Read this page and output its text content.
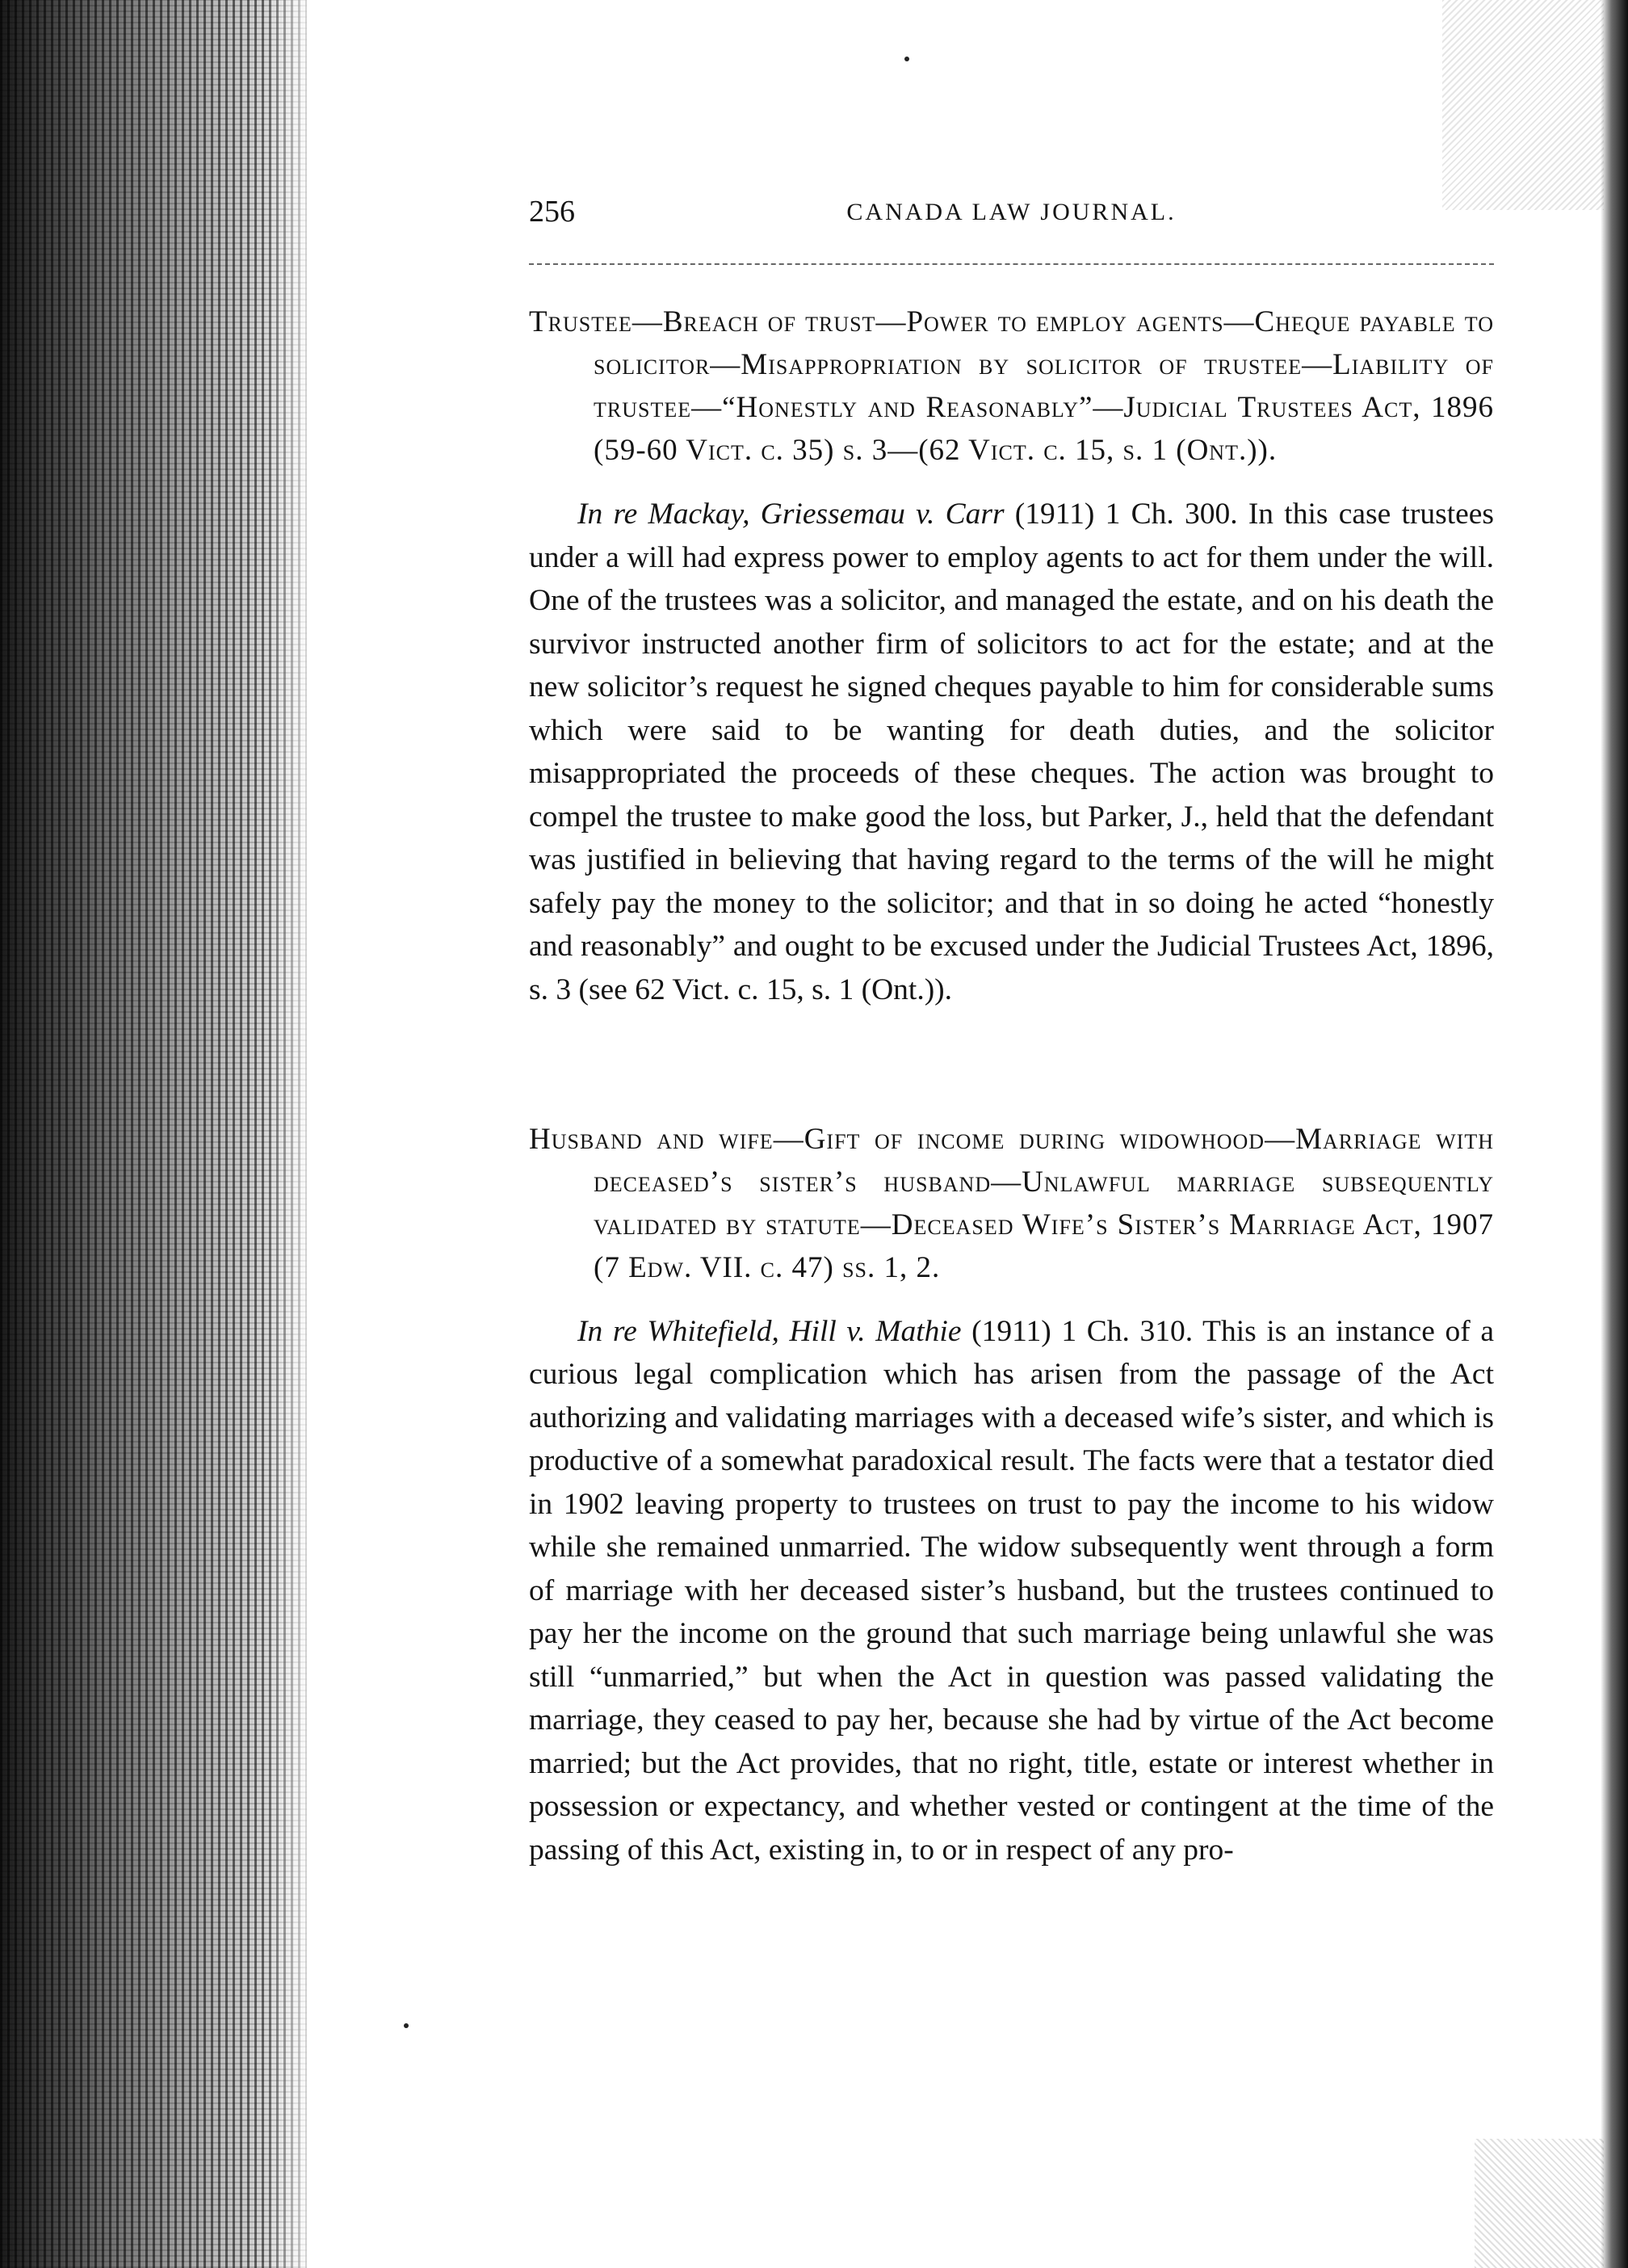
256	CANADA LAW JOURNAL.
Trustee—Breach of trust—Power to employ agents—Cheque payable to solicitor—Misappropriation by solicitor of trustee—Liability of trustee—“Honestly and Reasonably”—Judicial Trustees Act, 1896 (59-60 Vict. c. 35) s. 3—(62 Vict. c. 15, s. 1 (Ont.)).

In re Mackay, Griessemau v. Carr (1911) 1 Ch. 300. In this case trustees under a will had express power to employ agents to act for them under the will. One of the trustees was a solicitor, and managed the estate, and on his death the survivor instructed another firm of solicitors to act for the estate; and at the new solicitor’s request he signed cheques payable to him for considerable sums which were said to be wanting for death duties, and the solicitor misappropriated the proceeds of these cheques. The action was brought to compel the trustee to make good the loss, but Parker, J., held that the defendant was justified in believing that having regard to the terms of the will he might safely pay the money to the solicitor; and that in so doing he acted “honestly and reasonably” and ought to be excused under the Judicial Trustees Act, 1896, s. 3 (see 62 Vict. c. 15, s. 1 (Ont.)).

Husband and wife—Gift of income during widowhood—Marriage with deceased’s sister’s husband—Unlawful marriage subsequently validated by statute—Deceased Wife’s Sister’s Marriage Act, 1907 (7 Edw. VII. c. 47) ss. 1, 2.

In re Whitefield, Hill v. Mathie (1911) 1 Ch. 310. This is an instance of a curious legal complication which has arisen from the passage of the Act authorizing and validating marriages with a deceased wife’s sister, and which is productive of a somewhat paradoxical result. The facts were that a testator died in 1902 leaving property to trustees on trust to pay the income to his widow while she remained unmarried. The widow subsequently went through a form of marriage with her deceased sister’s husband, but the trustees continued to pay her the income on the ground that such marriage being unlawful she was still “unmarried,” but when the Act in question was passed validating the marriage, they ceased to pay her, because she had by virtue of the Act become married; but the Act provides, that no right, title, estate or interest whether in possession or expectancy, and whether vested or contingent at the time of the passing of this Act, existing in, to or in respect of any pro-
